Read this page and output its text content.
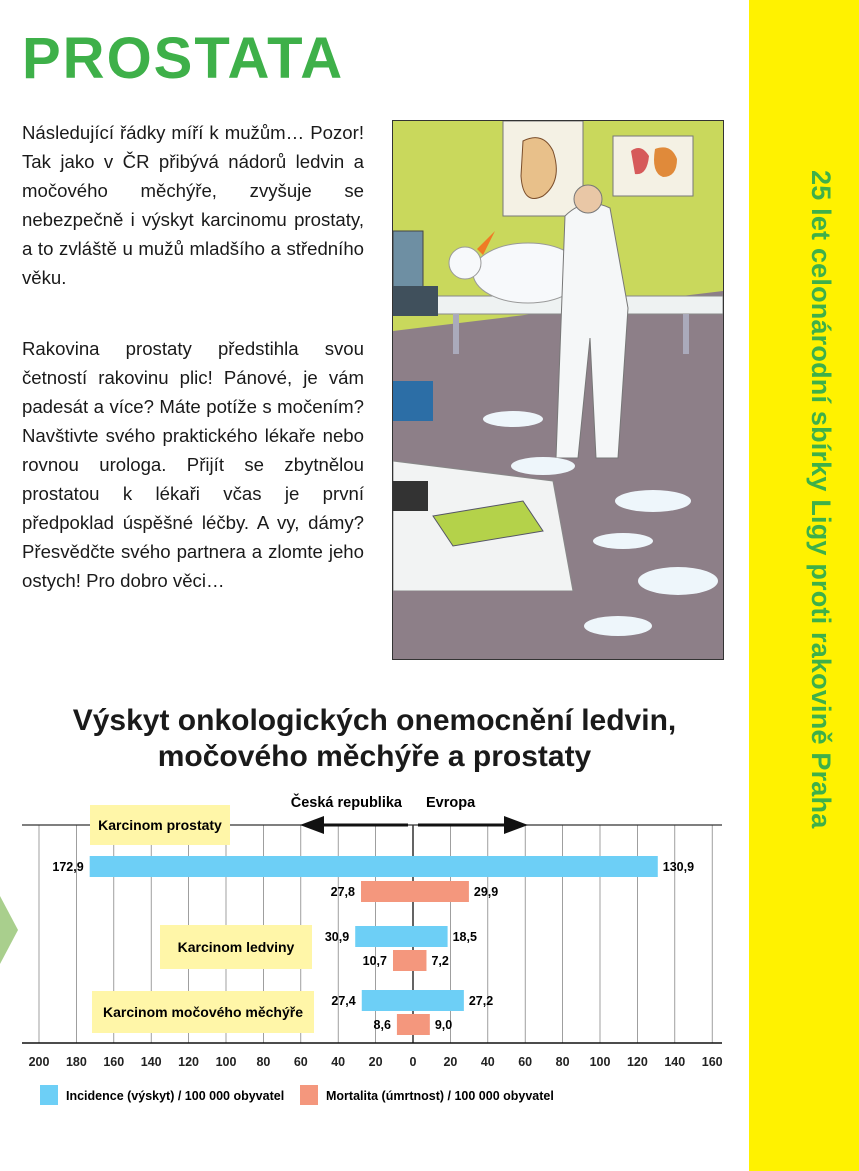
25 let celonárodní sbírky Ligy proti rakovině Praha
PROSTATA

Následující řádky míří k mužům… Pozor! Tak jako v ČR přibývá nádorů ledvin a močového měchýře, zvyšuje se nebezpečně i výskyt karcinomu prostaty, a to zvláště u mužů mladšího a středního věku.

Rakovina prostaty předstihla svou četností rakovinu plic! Pánové, je vám padesát a více? Máte potíže s močením? Navštivte svého praktického lékaře nebo rovnou urologa. Přijít se zbytnělou prostatou k lékaři včas je první předpoklad úspěšné léčby. A vy, dámy? Přesvědčte svého partnera a zlomte jeho ostych! Pro dobro věci…

Výskyt onkologických onemocnění ledvin, močového měchýře a prostaty
172,9
30,9
27,4
130,9
18,5
27,2
27,8
10,7
8,6
29,9
7,2
9,0
Karcinom prostaty
Karcinom ledviny
Karcinom močového měchýře
200 180 160 140 120 100 80 60 40 20 0 20 40 60 80 100 120 140 160
Česká republika Evropa
Incidence (výskyt) / 100 000 obyvatel	Mortalita (úmrtnost) / 100 000 obyvatel
